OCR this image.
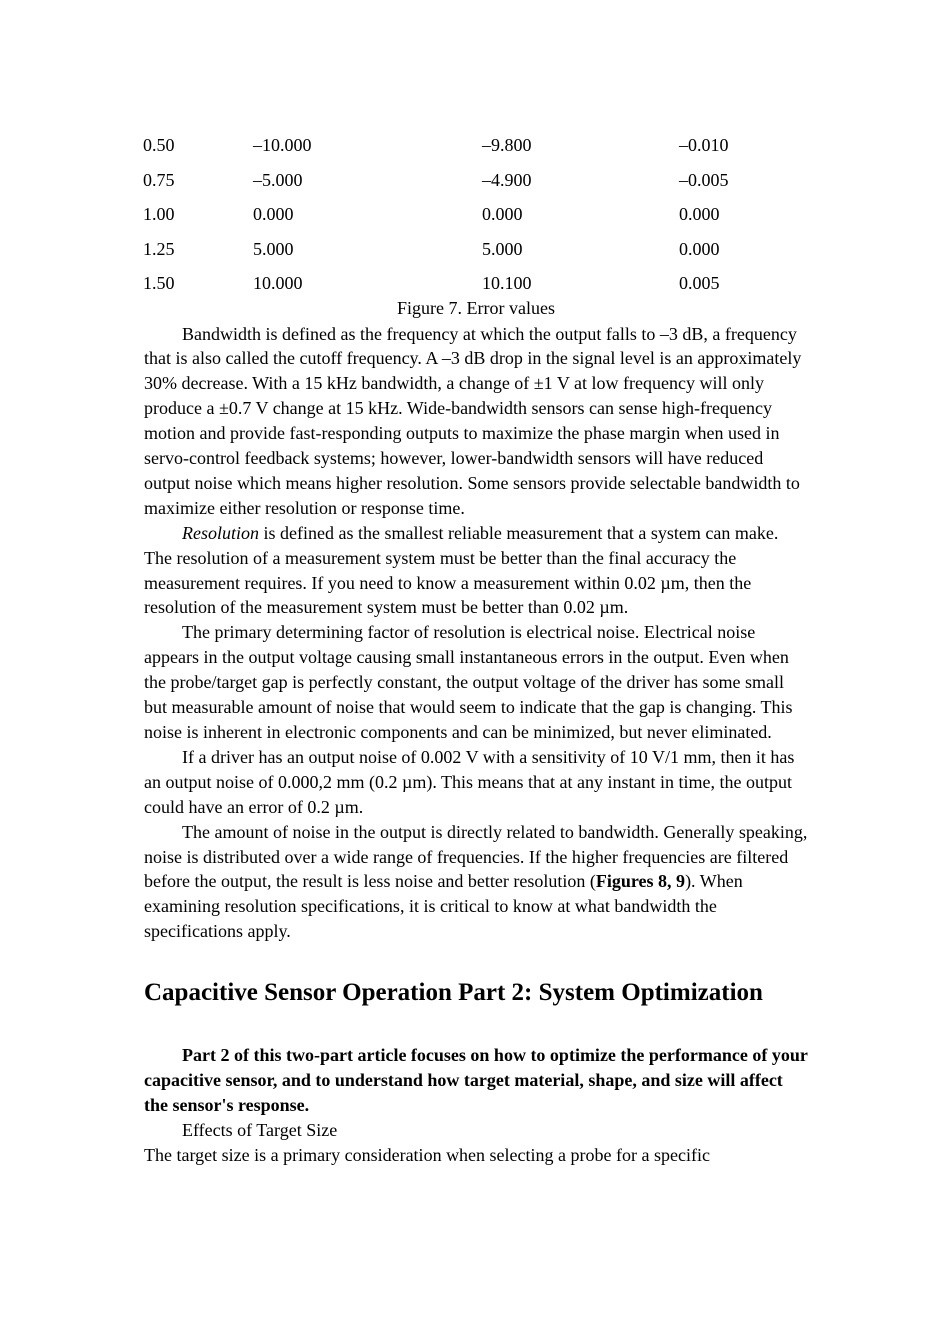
0.50	–10.000	–9.800	–0.010
0.75	–5.000	–4.900	–0.005
1.00	0.000	0.000	0.000
1.25	5.000	5.000	0.000
1.50	10.000	10.100	0.005
Figure 7. Error values

Bandwidth is defined as the frequency at which the output falls to –3 dB, a frequency that is also called the cutoff frequency. A –3 dB drop in the signal level is an approximately 30% decrease. With a 15 kHz bandwidth, a change of ±1 V at low frequency will only produce a ±0.7 V change at 15 kHz. Wide-bandwidth sensors can sense high-frequency motion and provide fast-responding outputs to maximize the phase margin when used in servo-control feedback systems; however, lower-bandwidth sensors will have reduced output noise which means higher resolution. Some sensors provide selectable bandwidth to maximize either resolution or response time.

Resolution is defined as the smallest reliable measurement that a system can make. The resolution of a measurement system must be better than the final accuracy the measurement requires. If you need to know a measurement within 0.02 µm, then the resolution of the measurement system must be better than 0.02 µm.

The primary determining factor of resolution is electrical noise. Electrical noise appears in the output voltage causing small instantaneous errors in the output. Even when the probe/target gap is perfectly constant, the output voltage of the driver has some small but measurable amount of noise that would seem to indicate that the gap is changing. This noise is inherent in electronic components and can be minimized, but never eliminated.

If a driver has an output noise of 0.002 V with a sensitivity of 10 V/1 mm, then it has an output noise of 0.000,2 mm (0.2 µm). This means that at any instant in time, the output could have an error of 0.2 µm.

The amount of noise in the output is directly related to bandwidth. Generally speaking, noise is distributed over a wide range of frequencies. If the higher frequencies are filtered before the output, the result is less noise and better resolution (Figures 8, 9). When examining resolution specifications, it is critical to know at what bandwidth the specifications apply.

Capacitive Sensor Operation Part 2: System Optimization

Part 2 of this two-part article focuses on how to optimize the performance of your capacitive sensor, and to understand how target material, shape, and size will affect the sensor's response.

Effects of Target Size

The target size is a primary consideration when selecting a probe for a specific
